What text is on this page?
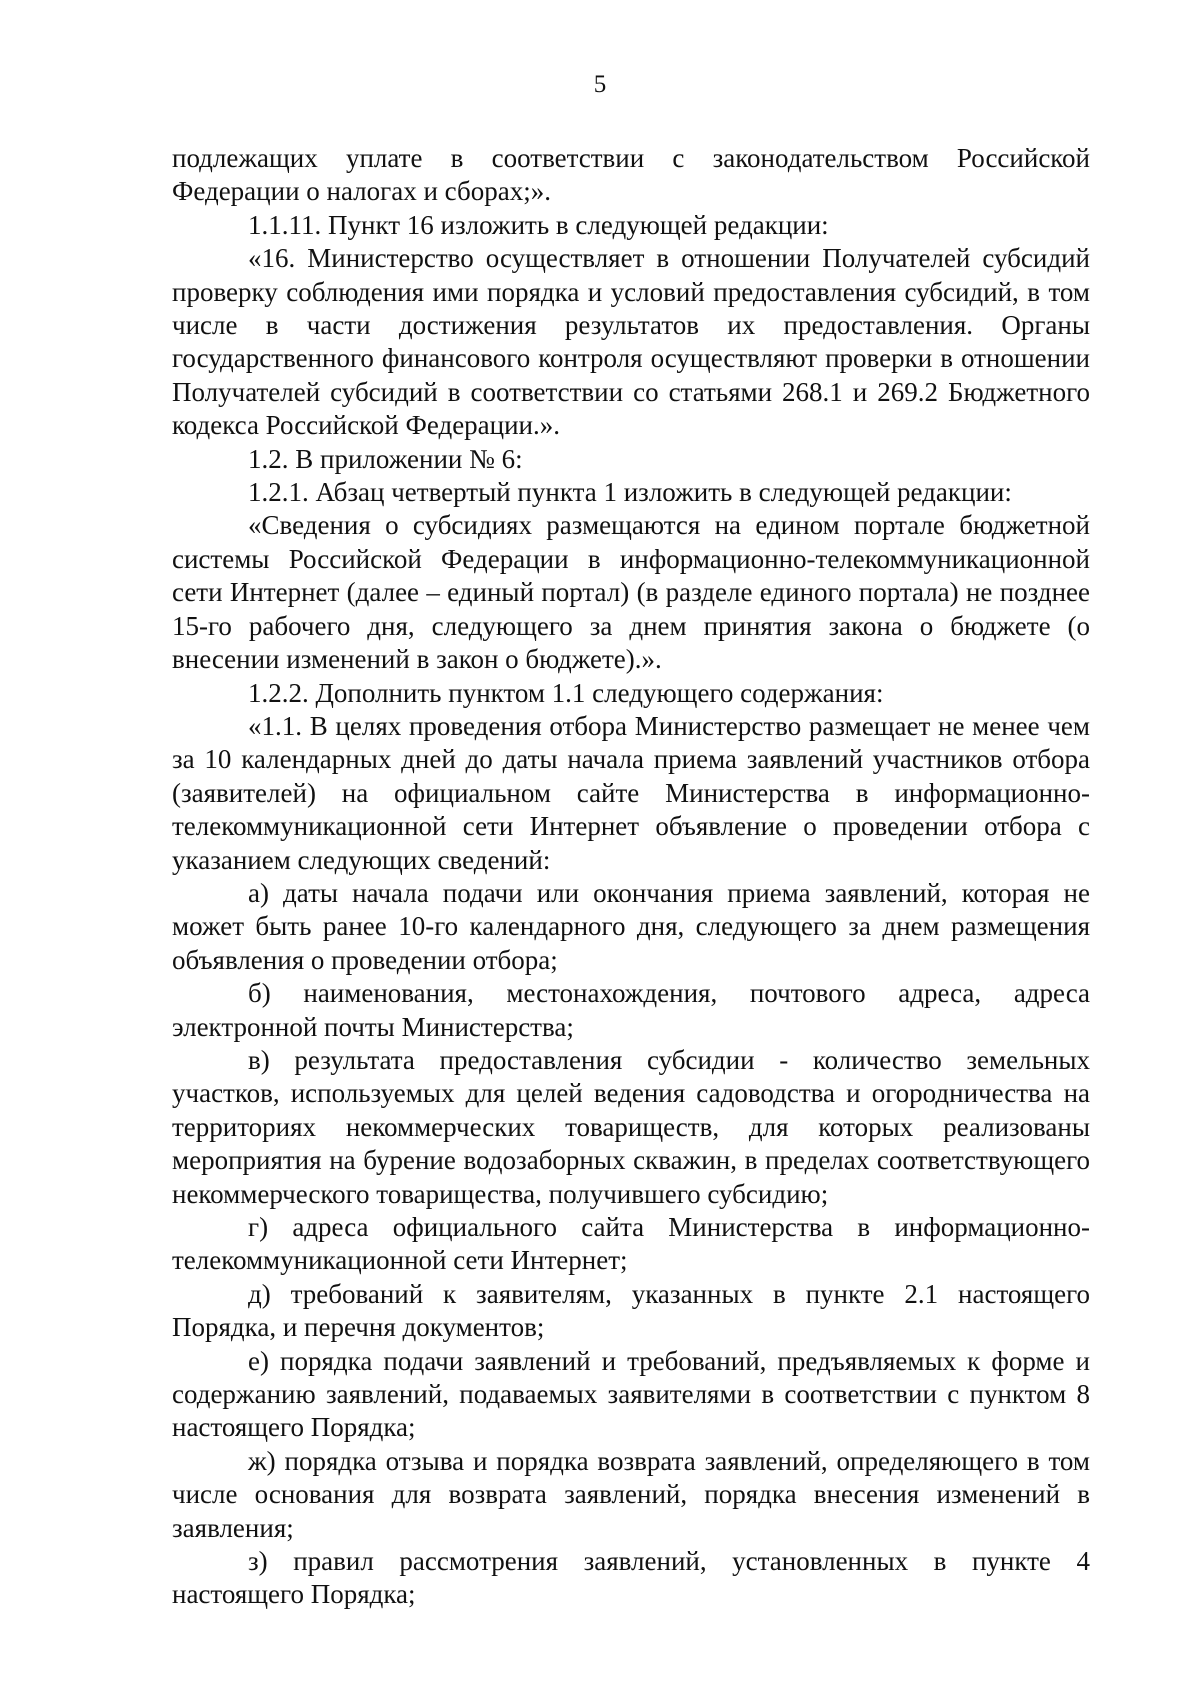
5

подлежащих уплате в соответствии с законодательством Российской Федерации о налогах и сборах;».

1.1.11. Пункт 16 изложить в следующей редакции:

«16. Министерство осуществляет в отношении Получателей субсидий проверку соблюдения ими порядка и условий предоставления субсидий, в том числе в части достижения результатов их предоставления. Органы государственного финансового контроля осуществляют проверки в отношении Получателей субсидий в соответствии со статьями 268.1 и 269.2 Бюджетного кодекса Российской Федерации.».

1.2. В приложении № 6:

1.2.1. Абзац четвертый пункта 1 изложить в следующей редакции:

«Сведения о субсидиях размещаются на едином портале бюджетной системы Российской Федерации в информационно-телекоммуникационной сети Интернет (далее – единый портал) (в разделе единого портала) не позднее 15-го рабочего дня, следующего за днем принятия закона о бюджете (о внесении изменений в закон о бюджете).».

1.2.2. Дополнить пунктом 1.1 следующего содержания:

«1.1. В целях проведения отбора Министерство размещает не менее чем за 10 календарных дней до даты начала приема заявлений участников отбора (заявителей) на официальном сайте Министерства в информационно-телекоммуникационной сети Интернет объявление о проведении отбора с указанием следующих сведений:

а) даты начала подачи или окончания приема заявлений, которая не может быть ранее 10-го календарного дня, следующего за днем размещения объявления о проведении отбора;

б) наименования, местонахождения, почтового адреса, адреса электронной почты Министерства;

в) результата предоставления субсидии - количество земельных участков, используемых для целей ведения садоводства и огородничества на территориях некоммерческих товариществ, для которых реализованы мероприятия на бурение водозаборных скважин, в пределах соответствующего некоммерческого товарищества, получившего субсидию;

г) адреса официального сайта Министерства в информационно-телекоммуникационной сети Интернет;

д) требований к заявителям, указанных в пункте 2.1 настоящего Порядка, и перечня документов;

е) порядка подачи заявлений и требований, предъявляемых к форме и содержанию заявлений, подаваемых заявителями в соответствии с пунктом 8 настоящего Порядка;

ж) порядка отзыва и порядка возврата заявлений, определяющего в том числе основания для возврата заявлений, порядка внесения изменений в заявления;

з) правил рассмотрения заявлений, установленных в пункте 4 настоящего Порядка;
